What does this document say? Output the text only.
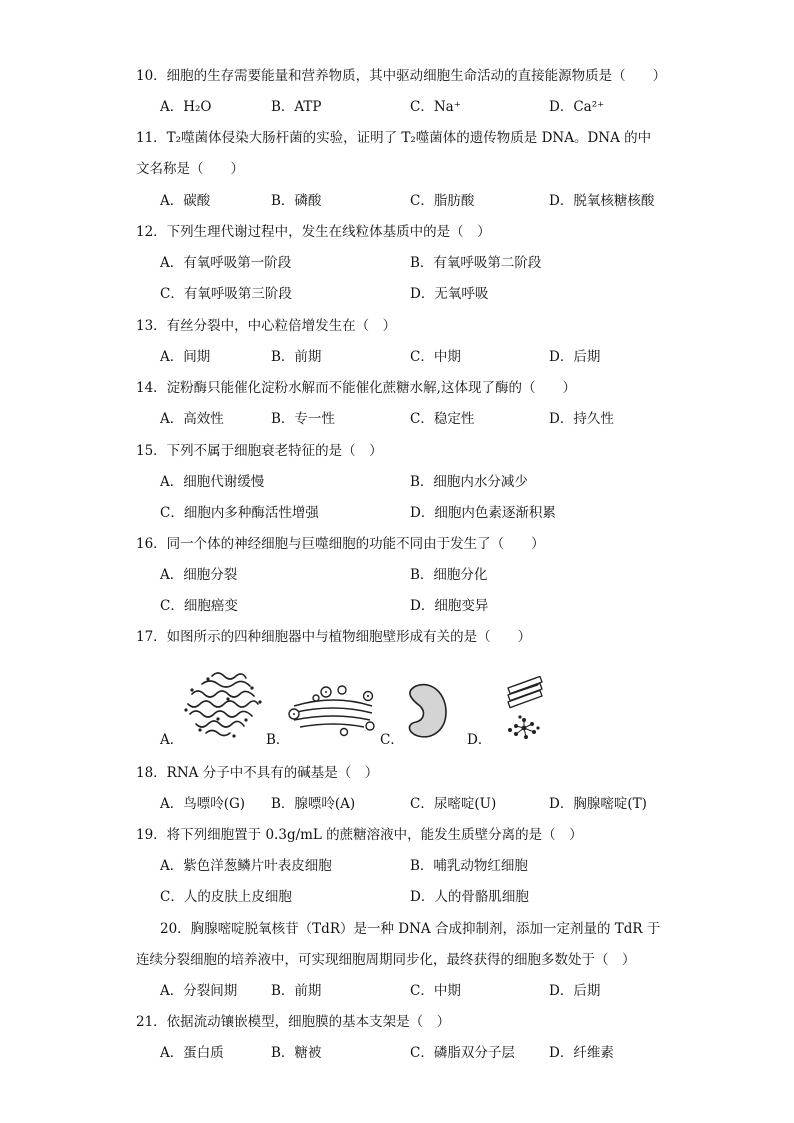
10．细胞的生存需要能量和营养物质，其中驱动细胞生命活动的直接能源物质是（　　）
A．H₂O	B．ATP	C．Na⁺	D．Ca²⁺
11．T₂噬菌体侵染大肠杆菌的实验，证明了 T₂噬菌体的遗传物质是 DNA。DNA 的中
文名称是（　　）
A．碳酸	B．磷酸	C．脂肪酸	D．脱氧核糖核酸
12．下列生理代谢过程中，发生在线粒体基质中的是（　）
A．有氧呼吸第一阶段	B．有氧呼吸第二阶段
C．有氧呼吸第三阶段	D．无氧呼吸
13．有丝分裂中，中心粒倍增发生在（　）
A．间期	B．前期	C．中期	D．后期
14．淀粉酶只能催化淀粉水解而不能催化蔗糖水解,这体现了酶的（　　）
A．高效性	B．专一性	C．稳定性	D．持久性
15．下列不属于细胞衰老特征的是（　）
A．细胞代谢缓慢	B．细胞内水分减少
C．细胞内多种酶活性增强	D．细胞内色素逐渐积累
16．同一个体的神经细胞与巨噬细胞的功能不同由于发生了（　　）
A．细胞分裂	B．细胞分化
C．细胞癌变	D．细胞变异
17．如图所示的四种细胞器中与植物细胞壁形成有关的是（　　）
A．	B．	C．	D．
18．RNA 分子中不具有的碱基是（　）
A．鸟嘌呤(G) B．腺嘌呤(A)	C．尿嘧啶(U)	D．胸腺嘧啶(T)
19．将下列细胞置于 0.3g/mL 的蔗糖溶液中，能发生质壁分离的是（　）
A．紫色洋葱鳞片叶表皮细胞	B．哺乳动物红细胞
C．人的皮肤上皮细胞	D．人的骨骼肌细胞
20．胸腺嘧啶脱氧核苷（TdR）是一种 DNA 合成抑制剂，添加一定剂量的 TdR 于
连续分裂细胞的培养液中，可实现细胞周期同步化，最终获得的细胞多数处于（　）
A．分裂间期	B．前期	C．中期	D．后期
21．依据流动镶嵌模型，细胞膜的基本支架是（　）
A．蛋白质	B．糖被	C．磷脂双分子层	D．纤维素
